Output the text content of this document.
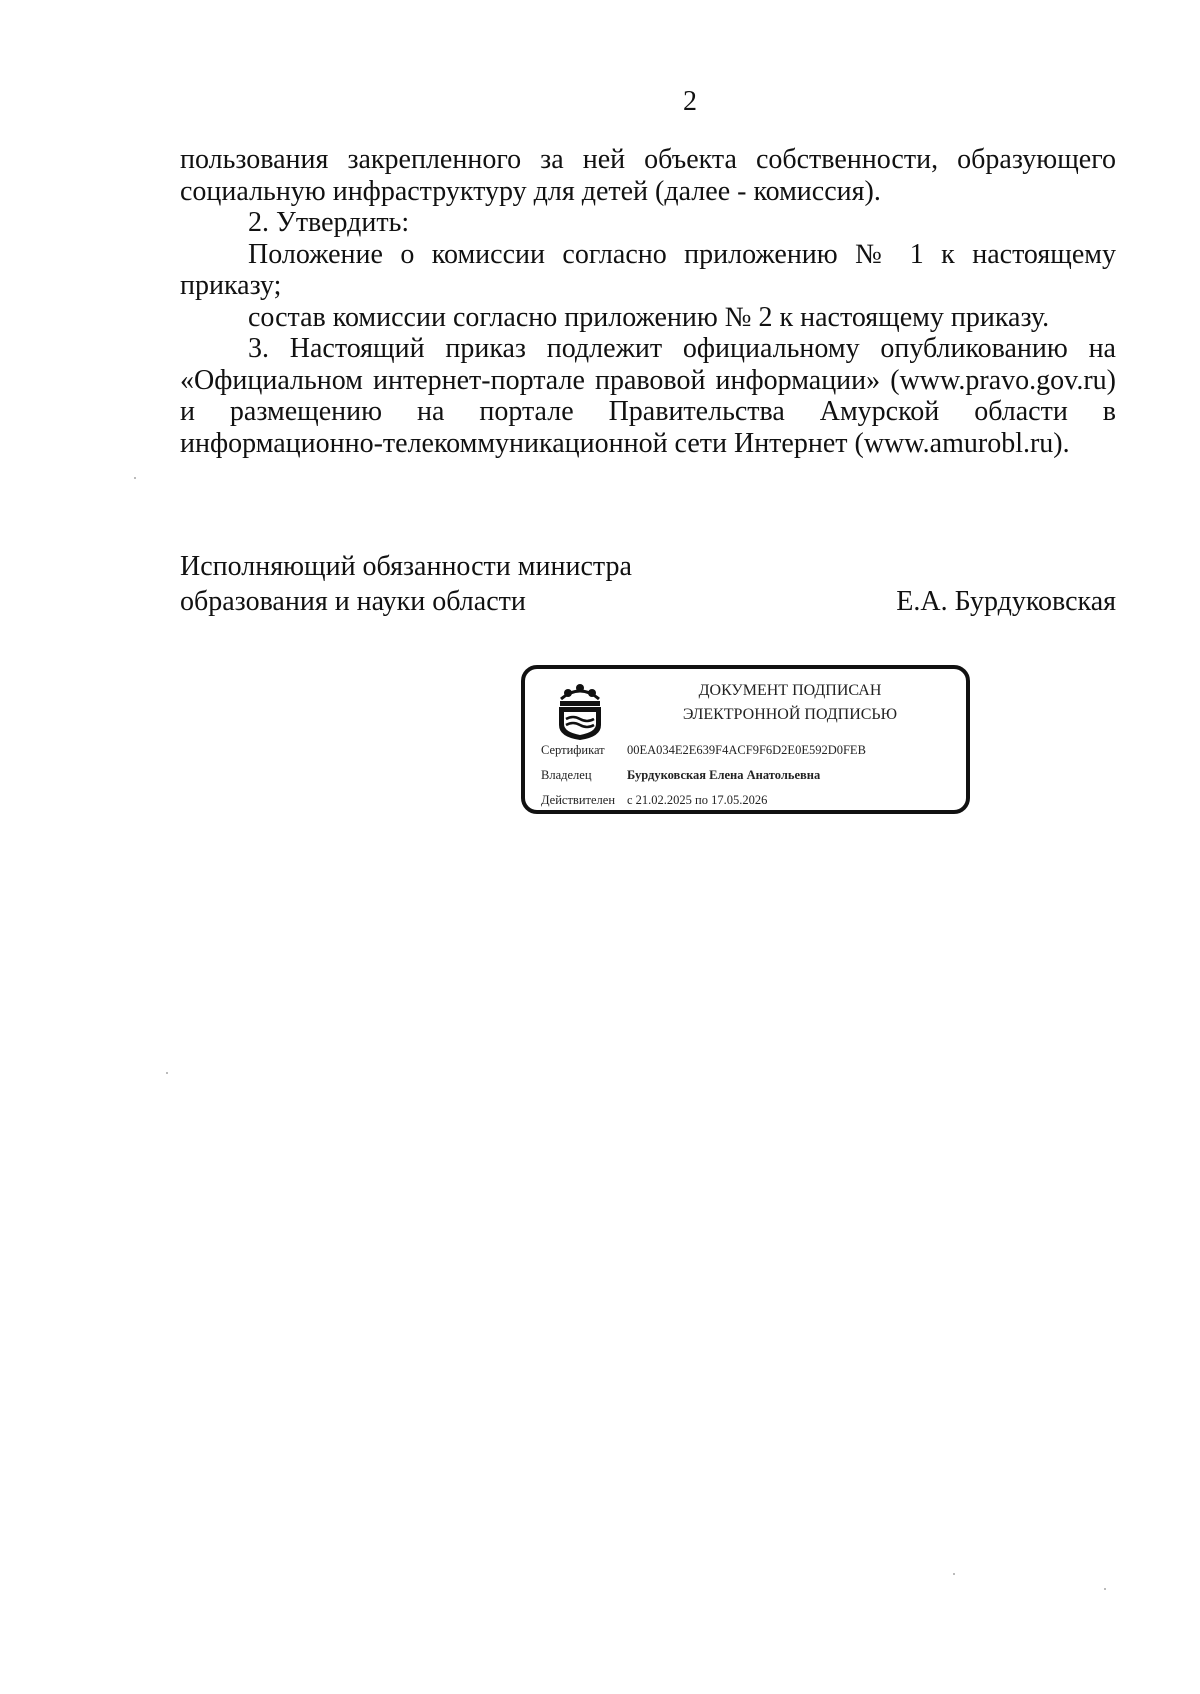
2

пользования закрепленного за ней объекта собственности, образующего социальную инфраструктуру для детей (далее - комиссия).

2. Утвердить:

Положение о комиссии согласно приложению № 1 к настоящему приказу;

состав комиссии согласно приложению № 2 к настоящему приказу.

3. Настоящий приказ подлежит официальному опубликованию на «Официальном интернет-портале правовой информации» (www.pravo.gov.ru) и размещению на портале Правительства Амурской области в информационно-телекоммуникационной сети Интернет (www.amurobl.ru).

Исполняющий обязанности министра
образования и науки области	Е.А. Бурдуковская
ДОКУМЕНТ ПОДПИСАН
ЭЛЕКТРОННОЙ ПОДПИСЬЮ
Сертификат 00EA034E2E639F4ACF9F6D2E0E592D0FEB
Владелец	Бурдуковская Елена Анатольевна
Действителен с 21.02.2025 по 17.05.2026
